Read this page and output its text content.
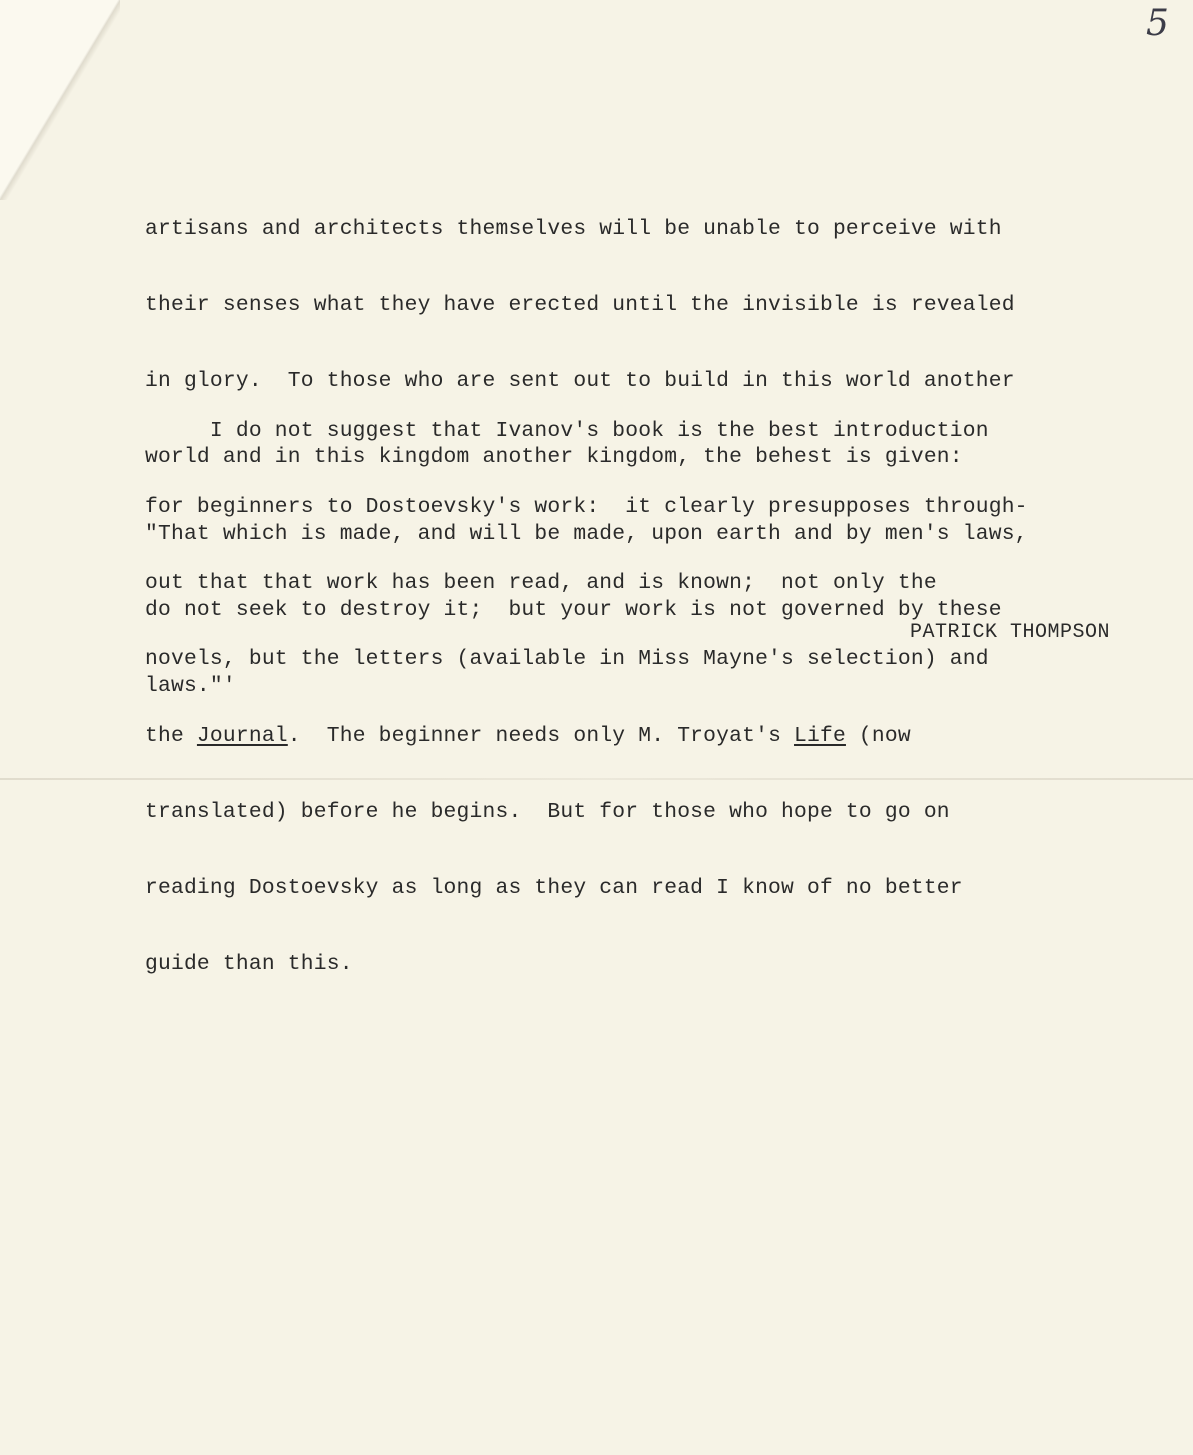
5

artisans and architects themselves will be unable to perceive with

their senses what they have erected until the invisible is revealed

in glory.  To those who are sent out to build in this world another

world and in this kingdom another kingdom, the behest is given:

"That which is made, and will be made, upon earth and by men's laws,

do not seek to destroy it;  but your work is not governed by these

laws."'

I do not suggest that Ivanov's book is the best introduction

for beginners to Dostoevsky's work:  it clearly presupposes through-

out that that work has been read, and is known;  not only the

novels, but the letters (available in Miss Mayne's selection) and

the Journal.  The beginner needs only M. Troyat's Life (now

translated) before he begins.  But for those who hope to go on

reading Dostoevsky as long as they can read I know of no better

guide than this.

PATRICK THOMPSON
